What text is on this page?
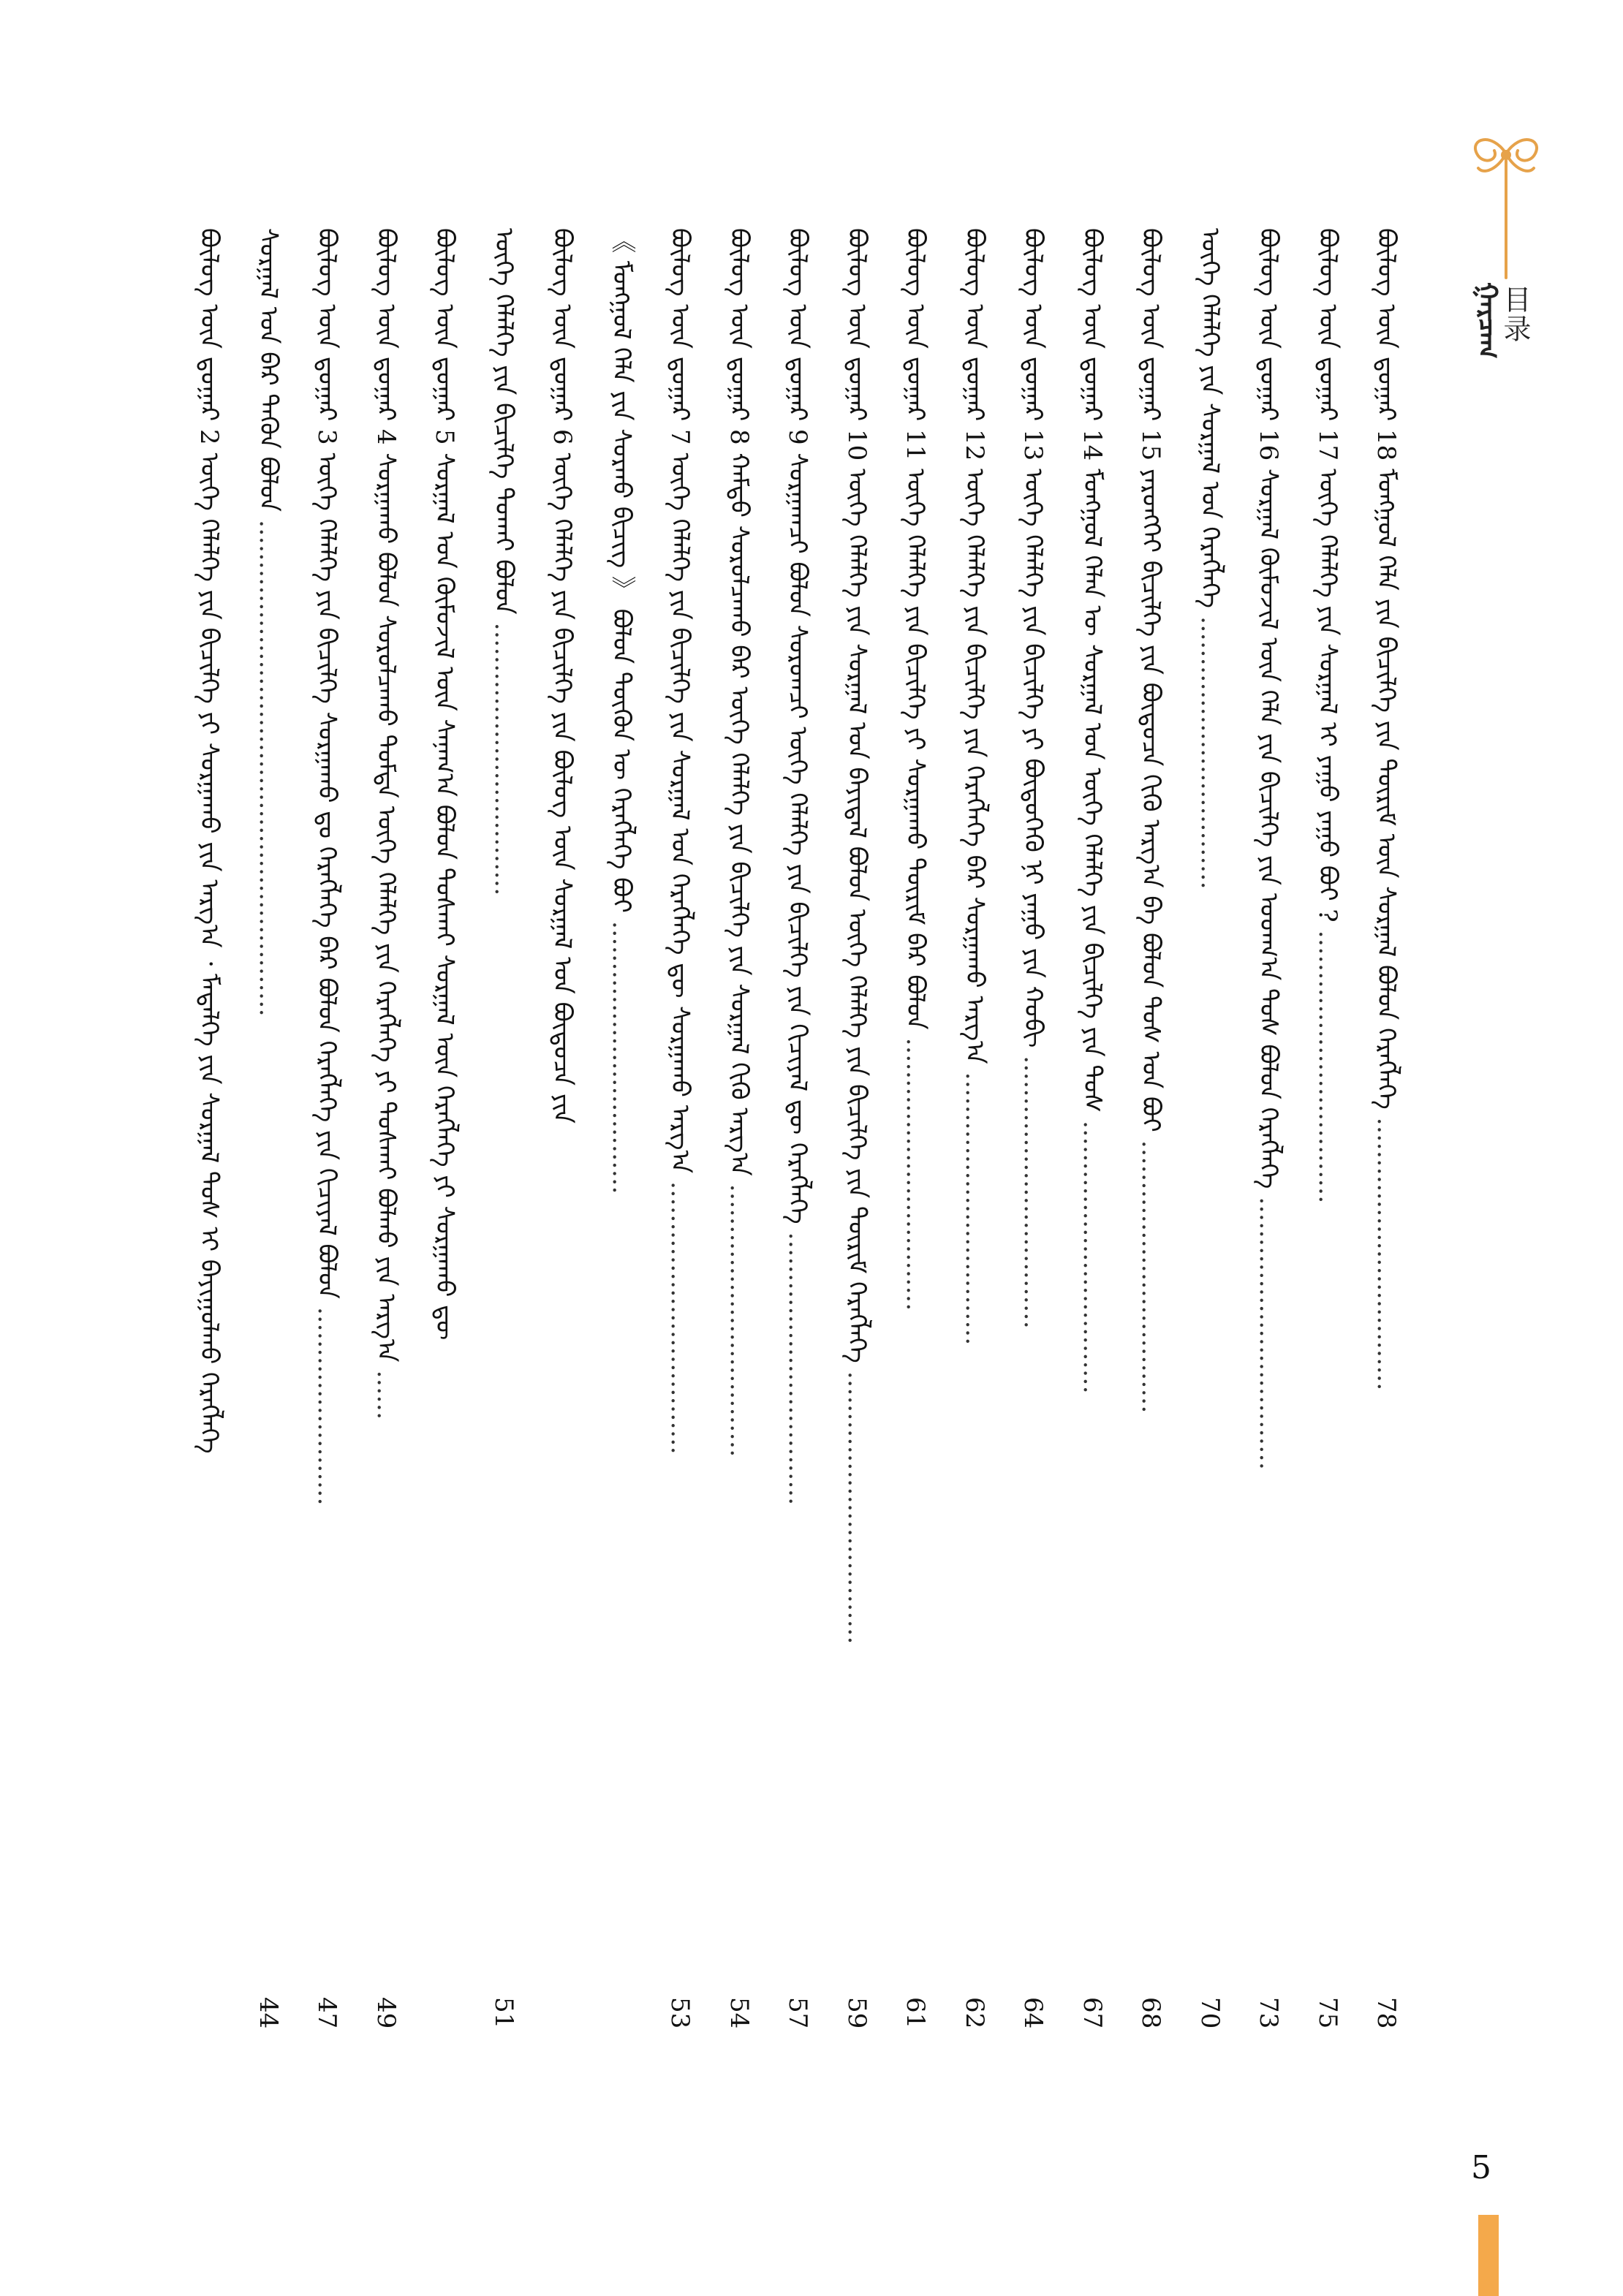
目录
ᠭᠠᠷᠴᠠᠭ
ᠪᠦᠯᠦᠭ ᠦᠨ ᠳ᠋ᠤᠭᠠᠷ 18 ᠮᠤᠩᠭᠤᠯ ᠬᠡᠯᠡ ᠶᠢᠨ ᠪᠢᠴᠢᠯᠭᠡ ᠶᠢᠨ ᠳᠦᠷᠢᠮ ᠦᠨ ᠰᠤᠷᠭᠠᠯ ᠪᠤᠯᠤᠨ ᠬᠡᠷᠡᠭᠯᠡᠭᠡ ……………………………
78
ᠪᠦᠯᠦᠭ ᠦᠨ ᠳ᠋ᠤᠭᠠᠷ 17 ᠦᠭᠡ ᠬᠡᠯᠡᠯᠭᠡ ᠶᠢᠨ ᠰᠤᠷᠭᠠᠯ ᠢ ᠶᠠᠭᠤ ᠶᠠᠭᠤ ᠪᠤᠢ ? ……………………………
75
ᠪᠦᠯᠦᠭ ᠦᠨ ᠳ᠋ᠤᠭᠠᠷ 16 ᠰᠤᠷᠭᠠᠯ ᠬᠦᠮᠦᠵᠢᠯ ᠦᠨ ᠬᠡᠯᠡ ᠶᠢᠨ ᠪᠢᠴᠢᠯᠭᠡ ᠶᠢᠨ ᠤᠳᠬ᠎ᠠ ᠲᠤᠰ ᠪᠤᠯᠤᠨ ᠬᠡᠷᠡᠭᠯᠡᠭᠡ ……………………………
73
ᠦᠭᠡ ᠬᠡᠯᠡᠯᠭᠡ ᠶᠢᠨ ᠰᠤᠷᠭᠠᠯ ᠤᠨ ᠬᠡᠷᠡᠭᠯᠡᠭᠡ ……………………………
70
ᠪᠦᠯᠦᠭ ᠦᠨ ᠳ᠋ᠤᠭᠠᠷ 15 ᠶᠡᠷᠦᠩᠬᠡᠢ ᠪᠢᠴᠢᠯᠭᠡ ᠶᠢᠨ ᠪᠦᠲᠦᠴᠡ ᠬᠢᠬᠦ ᠠᠷᠭ᠎ᠠ ᠪᠠ ᠪᠤᠯᠤᠨ ᠲᠤᠰ ᠤᠨ ᠪᠤᠢ ……………………………
68
ᠪᠦᠯᠦᠭ ᠦᠨ ᠳ᠋ᠤᠭᠠᠷ 14 ᠮᠤᠩᠭᠤᠯ ᠬᠡᠯᠡᠨ ᠦ ᠰᠤᠷᠭᠠᠯ ᠤᠨ ᠦᠭᠡ ᠬᠡᠯᠡᠯᠭᠡ ᠶᠢᠨ ᠪᠢᠴᠢᠯᠭᠡ ᠶᠢᠨ ᠲᠤᠰ ……………………………
67
ᠪᠦᠯᠦᠭ ᠦᠨ ᠳ᠋ᠤᠭᠠᠷ 13 ᠦᠭᠡ ᠬᠡᠯᠡᠯᠭᠡ ᠶᠢᠨ ᠪᠢᠴᠢᠯᠭᠡ ᠶᠢ ᠪᠦᠲᠦᠭᠡᠬᠦ ᠨᠢ ᠶᠠᠭᠤ ᠶᠢᠨ ᠬᠤᠪᠢ ……………………………
64
ᠪᠦᠯᠦᠭ ᠦᠨ ᠳ᠋ᠤᠭᠠᠷ 12 ᠦᠭᠡ ᠬᠡᠯᠡᠯᠭᠡ ᠶᠢᠨ ᠪᠢᠴᠢᠯᠭᠡ ᠶᠢᠨ ᠬᠡᠷᠡᠭᠯᠡᠭᠡ ᠪᠡᠷ ᠰᠤᠷᠭᠠᠬᠤ ᠠᠷᠭ᠎ᠠ ……………………………
62
ᠪᠦᠯᠦᠭ ᠦᠨ ᠳ᠋ᠤᠭᠠᠷ 11 ᠦᠭᠡ ᠬᠡᠯᠡᠯᠭᠡ ᠶᠢᠨ ᠪᠢᠴᠢᠯᠭᠡ ᠶᠢ ᠰᠤᠷᠭᠠᠬᠤ ᠳᠦᠷᠢᠮ ᠪᠡᠷ ᠪᠤᠯᠤᠨ ……………………………
61
ᠪᠦᠯᠦᠭ ᠦᠨ ᠳ᠋ᠤᠭᠠᠷ 10 ᠦᠭᠡ ᠬᠡᠯᠡᠯᠭᠡ ᠶᠢᠨ ᠰᠤᠷᠭᠠᠯ ᠤᠨ ᠪᠠᠶᠢᠳᠠᠯ ᠪᠤᠯᠤᠨ ᠦᠭᠡ ᠬᠡᠯᠡᠯᠭᠡ ᠶᠢᠨ ᠪᠢᠴᠢᠯᠭᠡ ᠶᠢᠨ ᠳᠦᠷᠢᠮ ᠬᠡᠷᠡᠭᠯᠡᠭᠡ ……………………………
59
ᠪᠦᠯᠦᠭ ᠦᠨ ᠳ᠋ᠤᠭᠠᠷ 9 ᠰᠤᠷᠭᠠᠭᠴᠢ ᠪᠤᠯᠤᠨ ᠰᠤᠷᠤᠭᠴᠢ ᠦᠭᠡ ᠬᠡᠯᠡᠯᠭᠡ ᠶᠢᠨ ᠪᠢᠴᠢᠯᠭᠡ ᠶᠢᠨ ᠬᠢᠴᠢᠶᠡᠯ ᠳᠦ ᠬᠡᠷᠡᠭᠯᠡᠭᠡ ……………………………
57
ᠪᠦᠯᠦᠭ ᠦᠨ ᠳ᠋ᠤᠭᠠᠷ 8 ᠬᠠᠮᠲᠤ ᠰᠤᠷᠤᠯᠴᠠᠬᠤ ᠪᠡᠷ ᠦᠭᠡ ᠬᠡᠯᠡᠯᠭᠡ ᠶᠢᠨ ᠪᠢᠴᠢᠯᠭᠡ ᠶᠢᠨ ᠰᠤᠷᠭᠠᠯ ᠬᠢᠬᠦ ᠠᠷᠭ᠎ᠠ ……………………………
54
ᠪᠦᠯᠦᠭ ᠦᠨ ᠳ᠋ᠤᠭᠠᠷ 7 ᠦᠭᠡ ᠬᠡᠯᠡᠯᠭᠡ ᠶᠢᠨ ᠪᠢᠴᠢᠯᠭᠡ ᠶᠢᠨ ᠰᠤᠷᠭᠠᠯ ᠤᠨ ᠬᠡᠷᠡᠭᠯᠡᠭᠡ ᠳᠦ ᠰᠤᠷᠭᠠᠬᠤ ᠠᠷᠭ᠎ᠠ ……………………………
53
《 ᠮᠤᠩᠭᠤᠯ ᠬᠡᠯᠡ ᠶᠢᠨ ᠰᠤᠷᠬᠤ ᠪᠢᠴᠢᠭ 》 ᠪᠤᠯᠤᠨ ᠲᠦᠭᠦᠨ ᠦ ᠬᠡᠷᠡᠭᠯᠡᠭᠡ ᠪᠤᠢ ……………………………
ᠪᠦᠯᠦᠭ ᠦᠨ ᠳ᠋ᠤᠭᠠᠷ 6 ᠦᠭᠡ ᠬᠡᠯᠡᠯᠭᠡ ᠶᠢᠨ ᠪᠢᠴᠢᠯᠭᠡ ᠶᠢᠨ ᠪᠦᠯᠦᠭ ᠦᠨ ᠰᠤᠷᠭᠠᠯ ᠤᠨ ᠪᠦᠲᠦᠴᠡ ᠶᠢᠨ
ᠦᠭᠡ ᠬᠡᠯᠡᠯᠭᠡ ᠶᠢᠨ ᠪᠢᠴᠢᠯᠭᠡ ᠲᠤᠬᠠᠢ ᠪᠤᠯᠤᠨ ……………………………
51
ᠪᠦᠯᠦᠭ ᠦᠨ ᠳ᠋ᠤᠭᠠᠷ 5 ᠰᠤᠷᠭᠠᠯ ᠤᠨ ᠬᠦᠮᠦᠵᠢᠯ ᠦᠨ ᠰᠠᠨᠠᠭ᠎ᠠ ᠪᠤᠯᠤᠨ ᠲᠤᠰᠬᠠᠢ ᠰᠤᠷᠭᠠᠯ ᠦᠨ ᠬᠡᠷᠡᠭᠯᠡᠭᠡ ᠶᠢ ᠰᠤᠷᠭᠠᠬᠤ ᠳᠦ
ᠪᠦᠯᠦᠭ ᠦᠨ ᠳ᠋ᠤᠭᠠᠷ 4 ᠰᠤᠷᠭᠠᠬᠤ ᠪᠤᠯᠤᠨ ᠰᠤᠷᠤᠯᠴᠠᠬᠤ ᠳᠤᠮᠳᠠ ᠦᠭᠡ ᠬᠡᠯᠡᠯᠭᠡ ᠶᠢᠨ ᠬᠡᠷᠡᠭᠯᠡᠭᠡ ᠶᠢ ᠲᠤᠰᠬᠠᠢ ᠪᠤᠯᠬᠤ ᠶᠢᠨ ᠠᠷᠭ᠎ᠠ ……
49
ᠪᠦᠯᠦᠭ ᠦᠨ ᠳ᠋ᠤᠭᠠᠷ 3 ᠦᠭᠡ ᠬᠡᠯᠡᠯᠭᠡ ᠶᠢᠨ ᠪᠢᠴᠢᠯᠭᠡ ᠰᠤᠷᠭᠠᠬᠤ ᠳᠤ ᠬᠡᠷᠡᠭᠯᠡᠭᠡ ᠪᠡᠷ ᠪᠤᠯᠤᠨ ᠬᠡᠷᠡᠭᠯᠡᠭᠡ ᠶᠢᠨ ᠬᠢᠴᠢᠶᠡᠯ ᠪᠤᠯᠤᠨ ……………………
47
ᠰᠤᠷᠭᠠᠯ ᠤᠨ ᠪᠡᠷ ᠲᠡᠭᠦᠨ ᠪᠤᠯᠤᠨ ……………………………………………………
44
ᠪᠦᠯᠦᠭ ᠦᠨ ᠳ᠋ᠤᠭᠠᠷ 2 ᠦᠭᠡ ᠬᠡᠯᠡᠯᠭᠡ ᠶᠢᠨ ᠪᠢᠴᠢᠯᠭᠡ ᠶᠢ ᠰᠤᠷᠭᠠᠬᠤ ᠶᠢᠨ ᠠᠷᠭ᠎ᠠ ᠂ ᠮᠡᠳᠡᠯᠭᠡ ᠶᠢᠨ ᠰᠤᠷᠭᠠᠯ ᠲᠤᠰ ᠢ ᠪᠠᠶᠢᠭᠤᠯᠬᠤ ᠬᠡᠷᠡᠭᠯᠡᠭᠡ
5
